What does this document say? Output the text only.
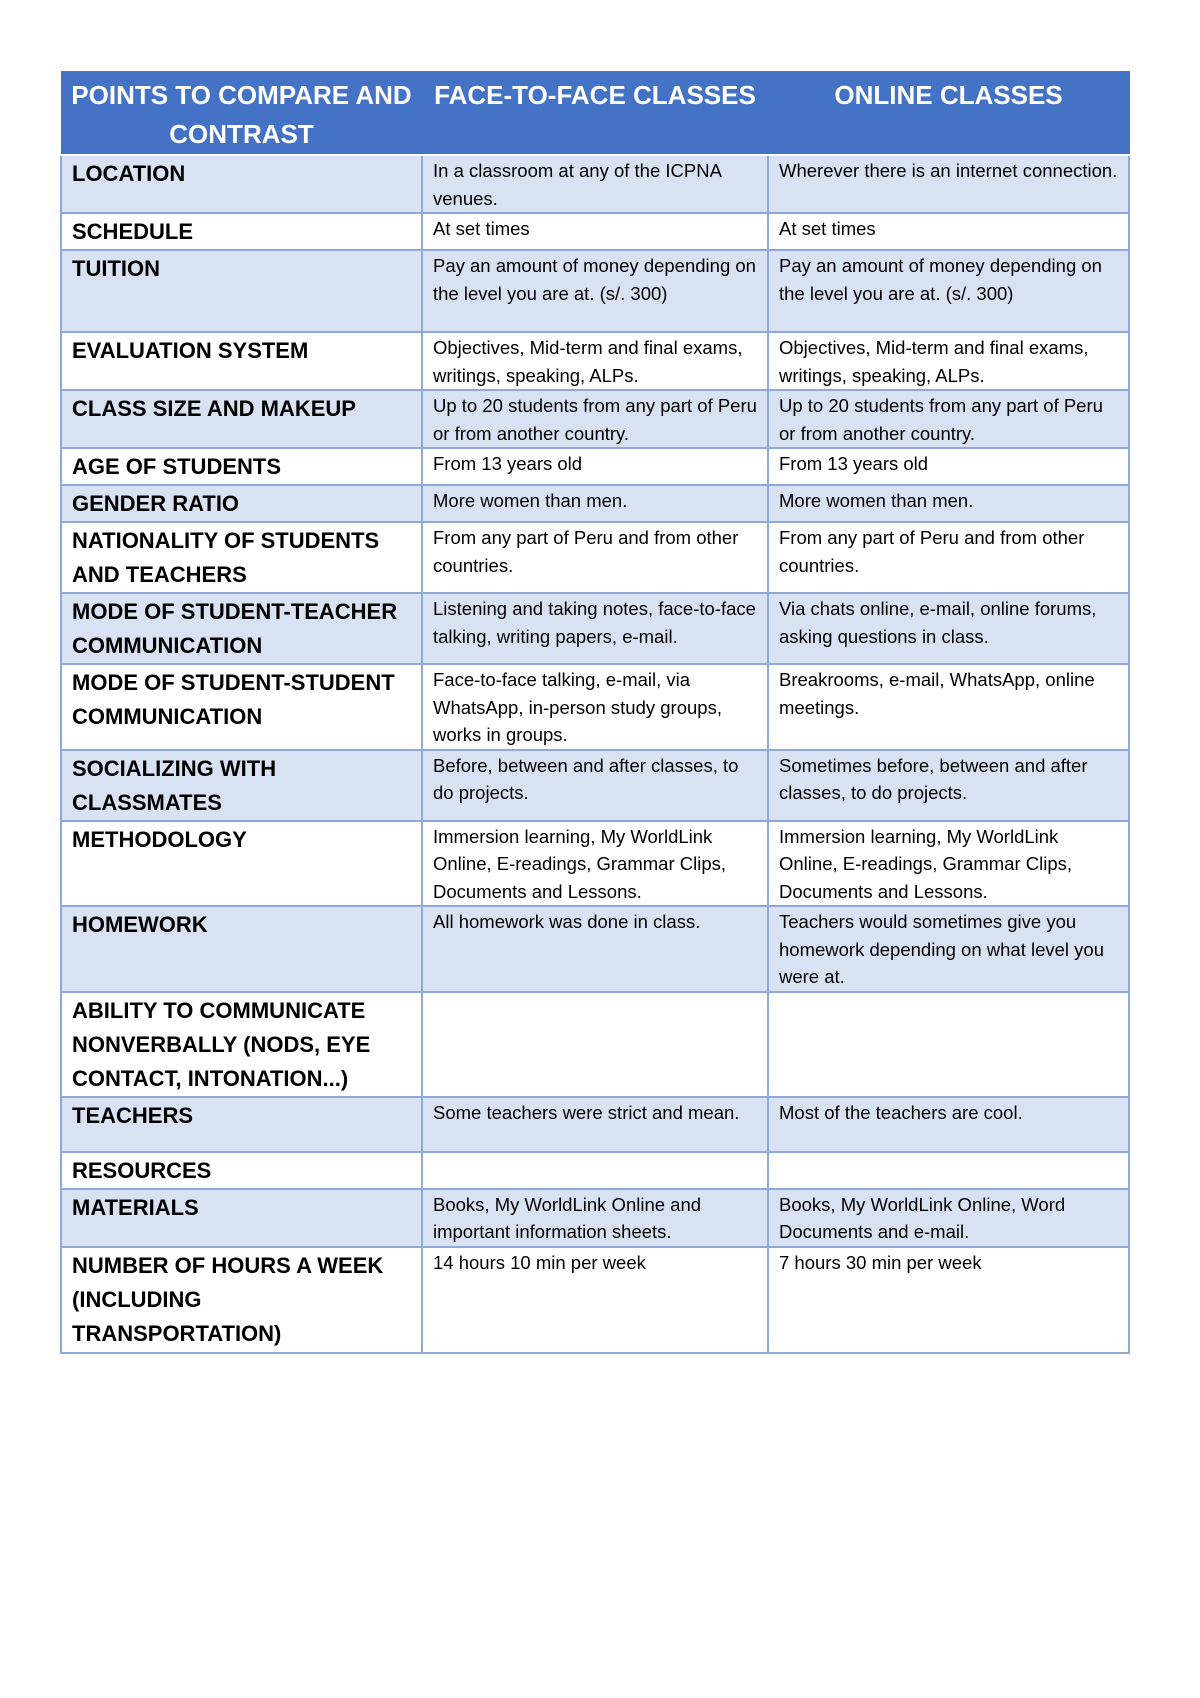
POINTS TO COMPARE AND CONTRAST	FACE-TO-FACE CLASSES	ONLINE CLASSES
LOCATION	In a classroom at any of the ICPNA venues.	Wherever there is an internet connection.
SCHEDULE	At set times	At set times
TUITION	Pay an amount of money depending on the level you are at. (s/. 300)	Pay an amount of money depending on the level you are at. (s/. 300)
EVALUATION SYSTEM	Objectives, Mid-term and final exams, writings, speaking, ALPs.	Objectives, Mid-term and final exams, writings, speaking, ALPs.
CLASS SIZE AND MAKEUP	Up to 20 students from any part of Peru or from another country.	Up to 20 students from any part of Peru or from another country.
AGE OF STUDENTS	From 13 years old	From 13 years old
GENDER RATIO	More women than men.	More women than men.
NATIONALITY OF STUDENTS AND TEACHERS	From any part of Peru and from other countries.	From any part of Peru and from other countries.
MODE OF STUDENT-TEACHER COMMUNICATION	Listening and taking notes, face-to-face talking, writing papers, e-mail.	Via chats online, e-mail, online forums, asking questions in class.
MODE OF STUDENT-STUDENT COMMUNICATION	Face-to-face talking, e-mail, via WhatsApp, in-person study groups, works in groups.	Breakrooms, e-mail, WhatsApp, online meetings.
SOCIALIZING WITH CLASSMATES	Before, between and after classes, to do projects.	Sometimes before, between and after classes, to do projects.
METHODOLOGY	Immersion learning, My WorldLink Online, E-readings, Grammar Clips, Documents and Lessons.	Immersion learning, My WorldLink Online, E-readings, Grammar Clips, Documents and Lessons.
HOMEWORK	All homework was done in class.	Teachers would sometimes give you homework depending on what level you were at.
ABILITY TO COMMUNICATE NONVERBALLY (NODS, EYE CONTACT, INTONATION...)		
TEACHERS	Some teachers were strict and mean.	Most of the teachers are cool.
RESOURCES		
MATERIALS	Books, My WorldLink Online and important information sheets.	Books, My WorldLink Online, Word Documents and e-mail.
NUMBER OF HOURS A WEEK (INCLUDING TRANSPORTATION)	14 hours 10 min per week	7 hours 30 min per week
